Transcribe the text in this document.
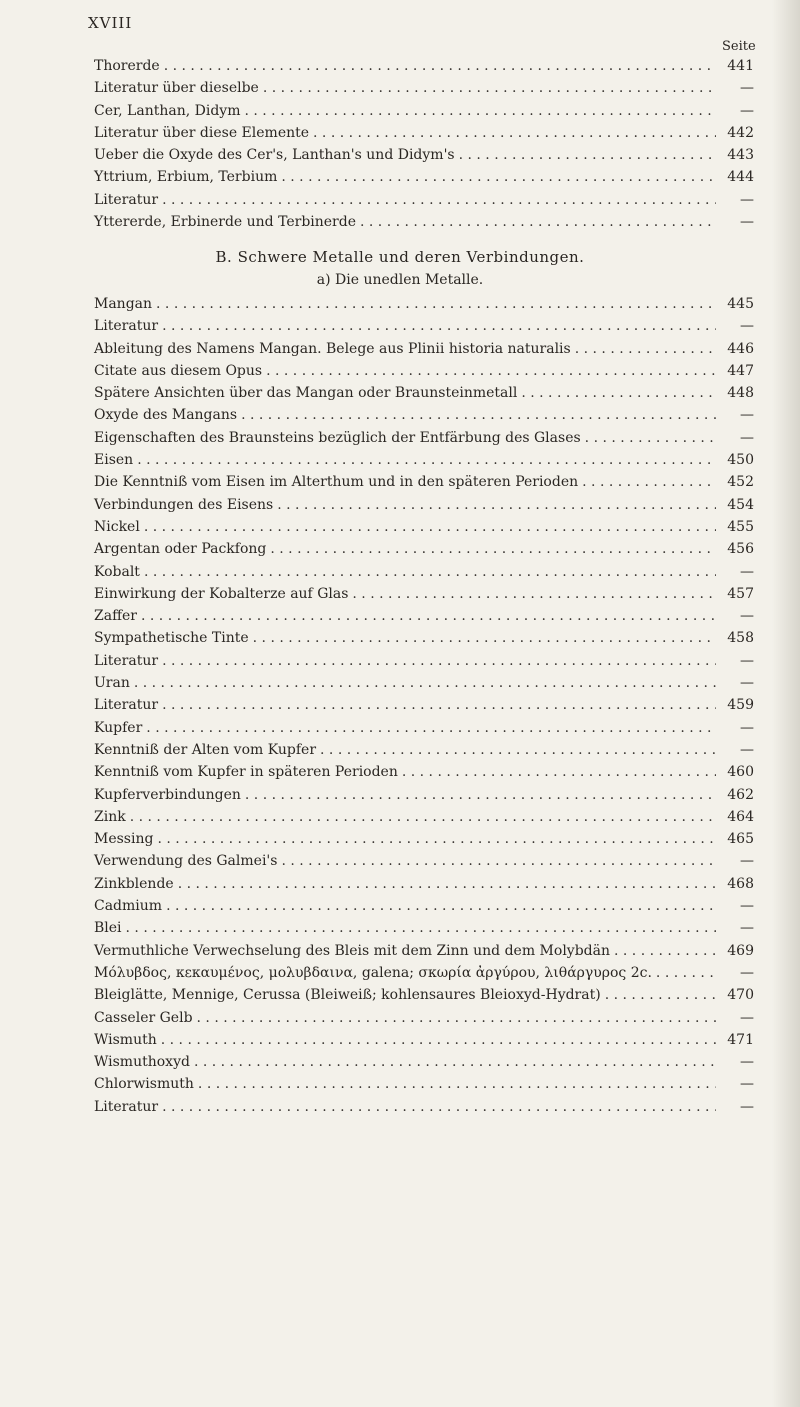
XVIII
Seite
Thorerde . . .	441
Literatur über dieselbe . . .	—
Cer, Lanthan, Didym . . .	—
Literatur über diese Elemente . . .	442
Ueber die Oxyde des Cer's, Lanthan's und Didym's . . .	443
Yttrium, Erbium, Terbium . . .	444
Literatur . . .	—
Yttererde, Erbinerde und Terbinerde . . .	—
B. Schwere Metalle und deren Verbindungen.
a) Die unedlen Metalle.
Mangan . . .	445
Literatur . . .	—
Ableitung des Namens Mangan. Belege aus Plinii historia naturalis . . .	446
Citate aus diesem Opus . . .	447
Spätere Ansichten über das Mangan oder Braunsteinmetall . . .	448
Oxyde des Mangans . . .	—
Eigenschaften des Braunsteins bezüglich der Entfärbung des Glases . . .	—
Eisen . . .	450
Die Kenntniß vom Eisen im Alterthum und in den späteren Perioden . . .	452
Verbindungen des Eisens . . .	454
Nickel . . .	455
Argentan oder Packfong . . .	456
Kobalt . . .	—
Einwirkung der Kobalterze auf Glas . . .	457
Zaffer . . .	—
Sympathetische Tinte . . .	458
Literatur . . .	—
Uran . . .	—
Literatur . . .	459
Kupfer . . .	—
Kenntniß der Alten vom Kupfer . . .	—
Kenntniß vom Kupfer in späteren Perioden . . .	460
Kupferverbindungen . . .	462
Zink . . .	464
Messing . . .	465
Verwendung des Galmei's . . .	—
Zinkblende . . .	468
Cadmium . . .	—
Blei . . .	—
Vermuthliche Verwechselung des Bleis mit dem Zinn und dem Molybdän . . .	469
Μόλυβδος, κεκαυμένος, μολυβδαινα, galena; σκωρία ἀργύρου, λιθάργυρος 2c. . . .	—
Bleiglätte, Mennige, Cerussa (Bleiweiß; kohlensaures Bleioxyd-Hydrat) . . .	470
Casseler Gelb . . .	—
Wismuth . . .	471
Wismuthoxyd . . .	—
Chlorwismuth . . .	—
Literatur . . .	—
